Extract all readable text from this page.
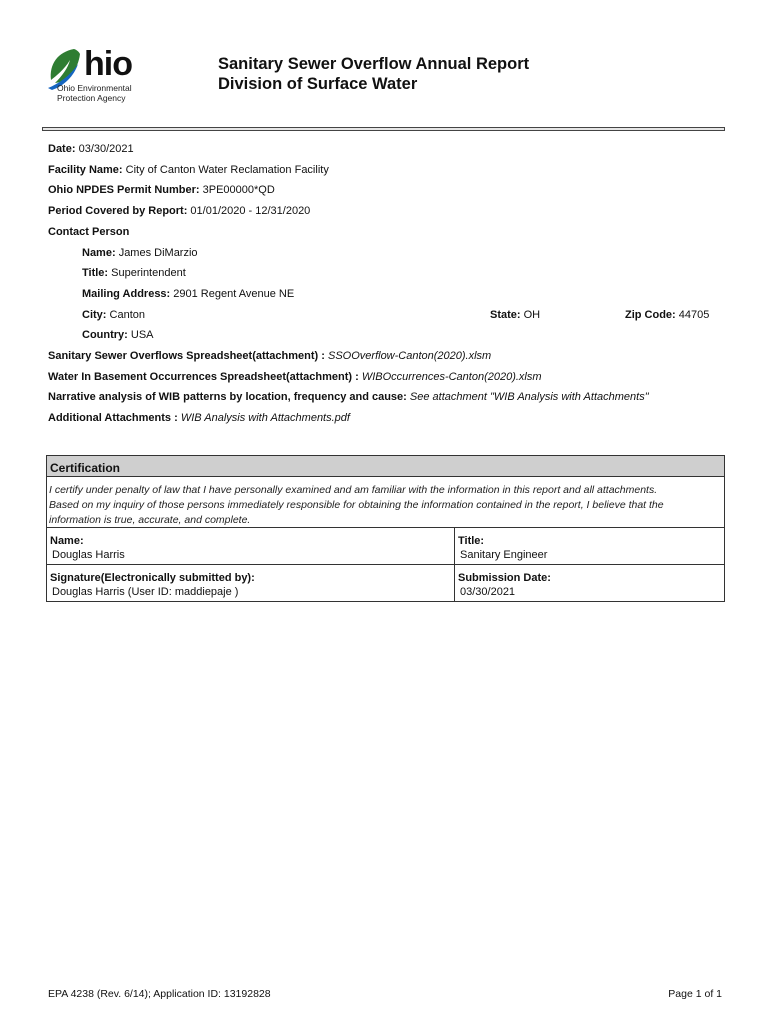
hio
Ohio Environmental
Protection Agency
Sanitary Sewer Overflow Annual Report
Division of Surface Water
Date: 03/30/2021
Facility Name: City of Canton Water Reclamation Facility
Ohio NPDES Permit Number: 3PE00000*QD
Period Covered by Report: 01/01/2020 - 12/31/2020
Contact Person
Name: James DiMarzio
Title: Superintendent
Mailing Address: 2901 Regent Avenue NE
City: Canton	State: OH	Zip Code: 44705
Country: USA
Sanitary Sewer Overflows Spreadsheet(attachment) : SSOOverflow-Canton(2020).xlsm
Water In Basement Occurrences Spreadsheet(attachment) : WIBOccurrences-Canton(2020).xlsm
Narrative analysis of WIB patterns by location, frequency and cause: See attachment "WIB Analysis with Attachments"
Additional Attachments : WIB Analysis with Attachments.pdf
Certification
I certify under penalty of law that I have personally examined and am familiar with the information in this report and all attachments.
Based on my inquiry of those persons immediately responsible for obtaining the information contained in the report, I believe that the
information is true, accurate, and complete.
Name:
Douglas Harris
Title:
Sanitary Engineer
Signature(Electronically submitted by):
Douglas Harris (User ID: maddiepaje )
Submission Date:
03/30/2021
EPA 4238 (Rev. 6/14); Application ID: 13192828	Page 1 of 1
